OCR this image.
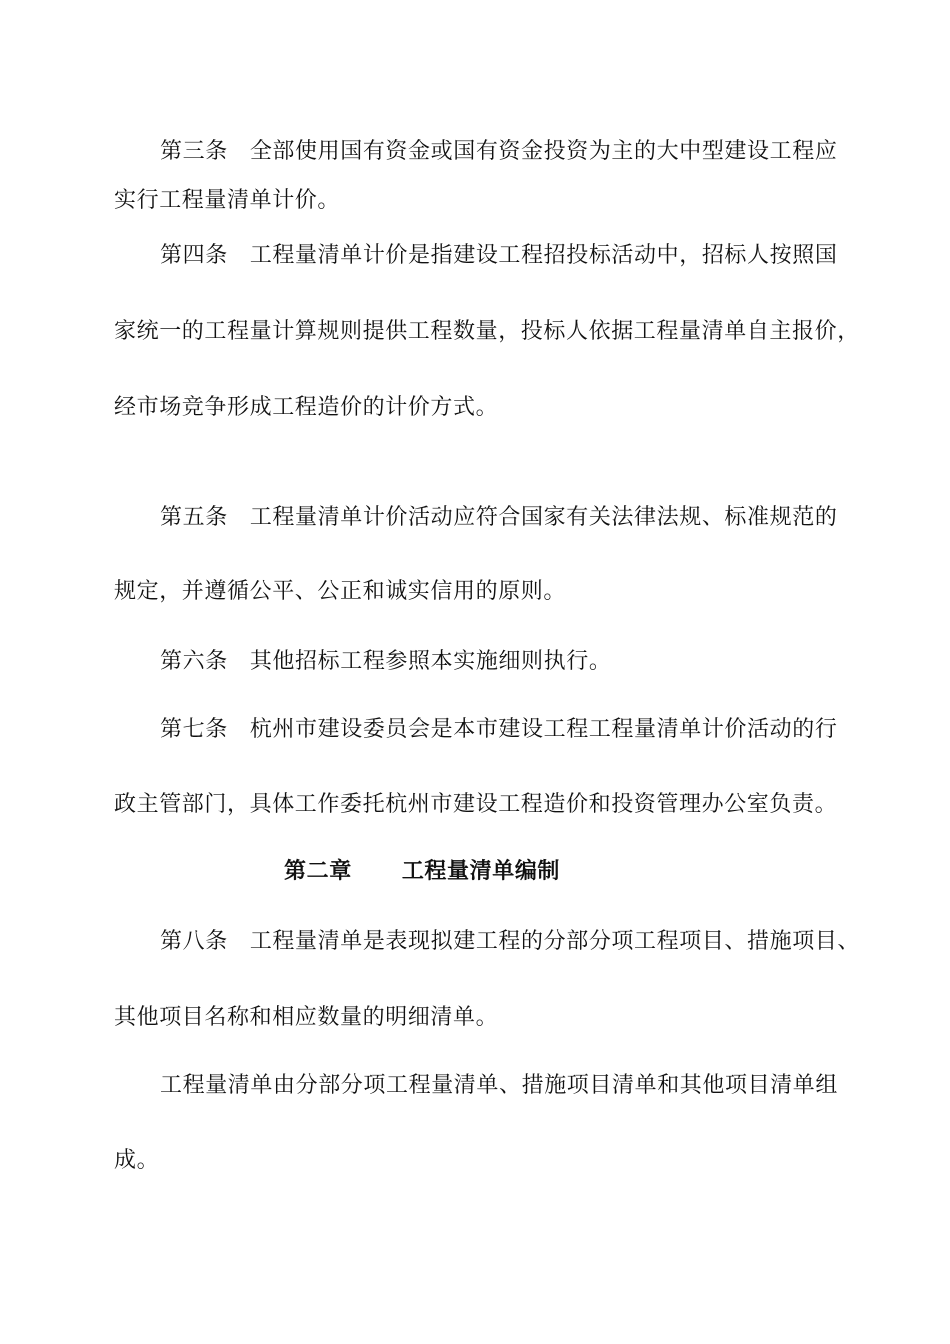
第三条 全部使用国有资金或国有资金投资为主的大中型建设工程应
实行工程量清单计价。
第四条 工程量清单计价是指建设工程招投标活动中，招标人按照国
家统一的工程量计算规则提供工程数量，投标人依据工程量清单自主报价，
经市场竞争形成工程造价的计价方式。
第五条 工程量清单计价活动应符合国家有关法律法规、标准规范的
规定，并遵循公平、公正和诚实信用的原则。
第六条 其他招标工程参照本实施细则执行。
第七条 杭州市建设委员会是本市建设工程工程量清单计价活动的行
政主管部门，具体工作委托杭州市建设工程造价和投资管理办公室负责。
第二章 工程量清单编制
第八条 工程量清单是表现拟建工程的分部分项工程项目、措施项目、
其他项目名称和相应数量的明细清单。
工程量清单由分部分项工程量清单、措施项目清单和其他项目清单组
成。
